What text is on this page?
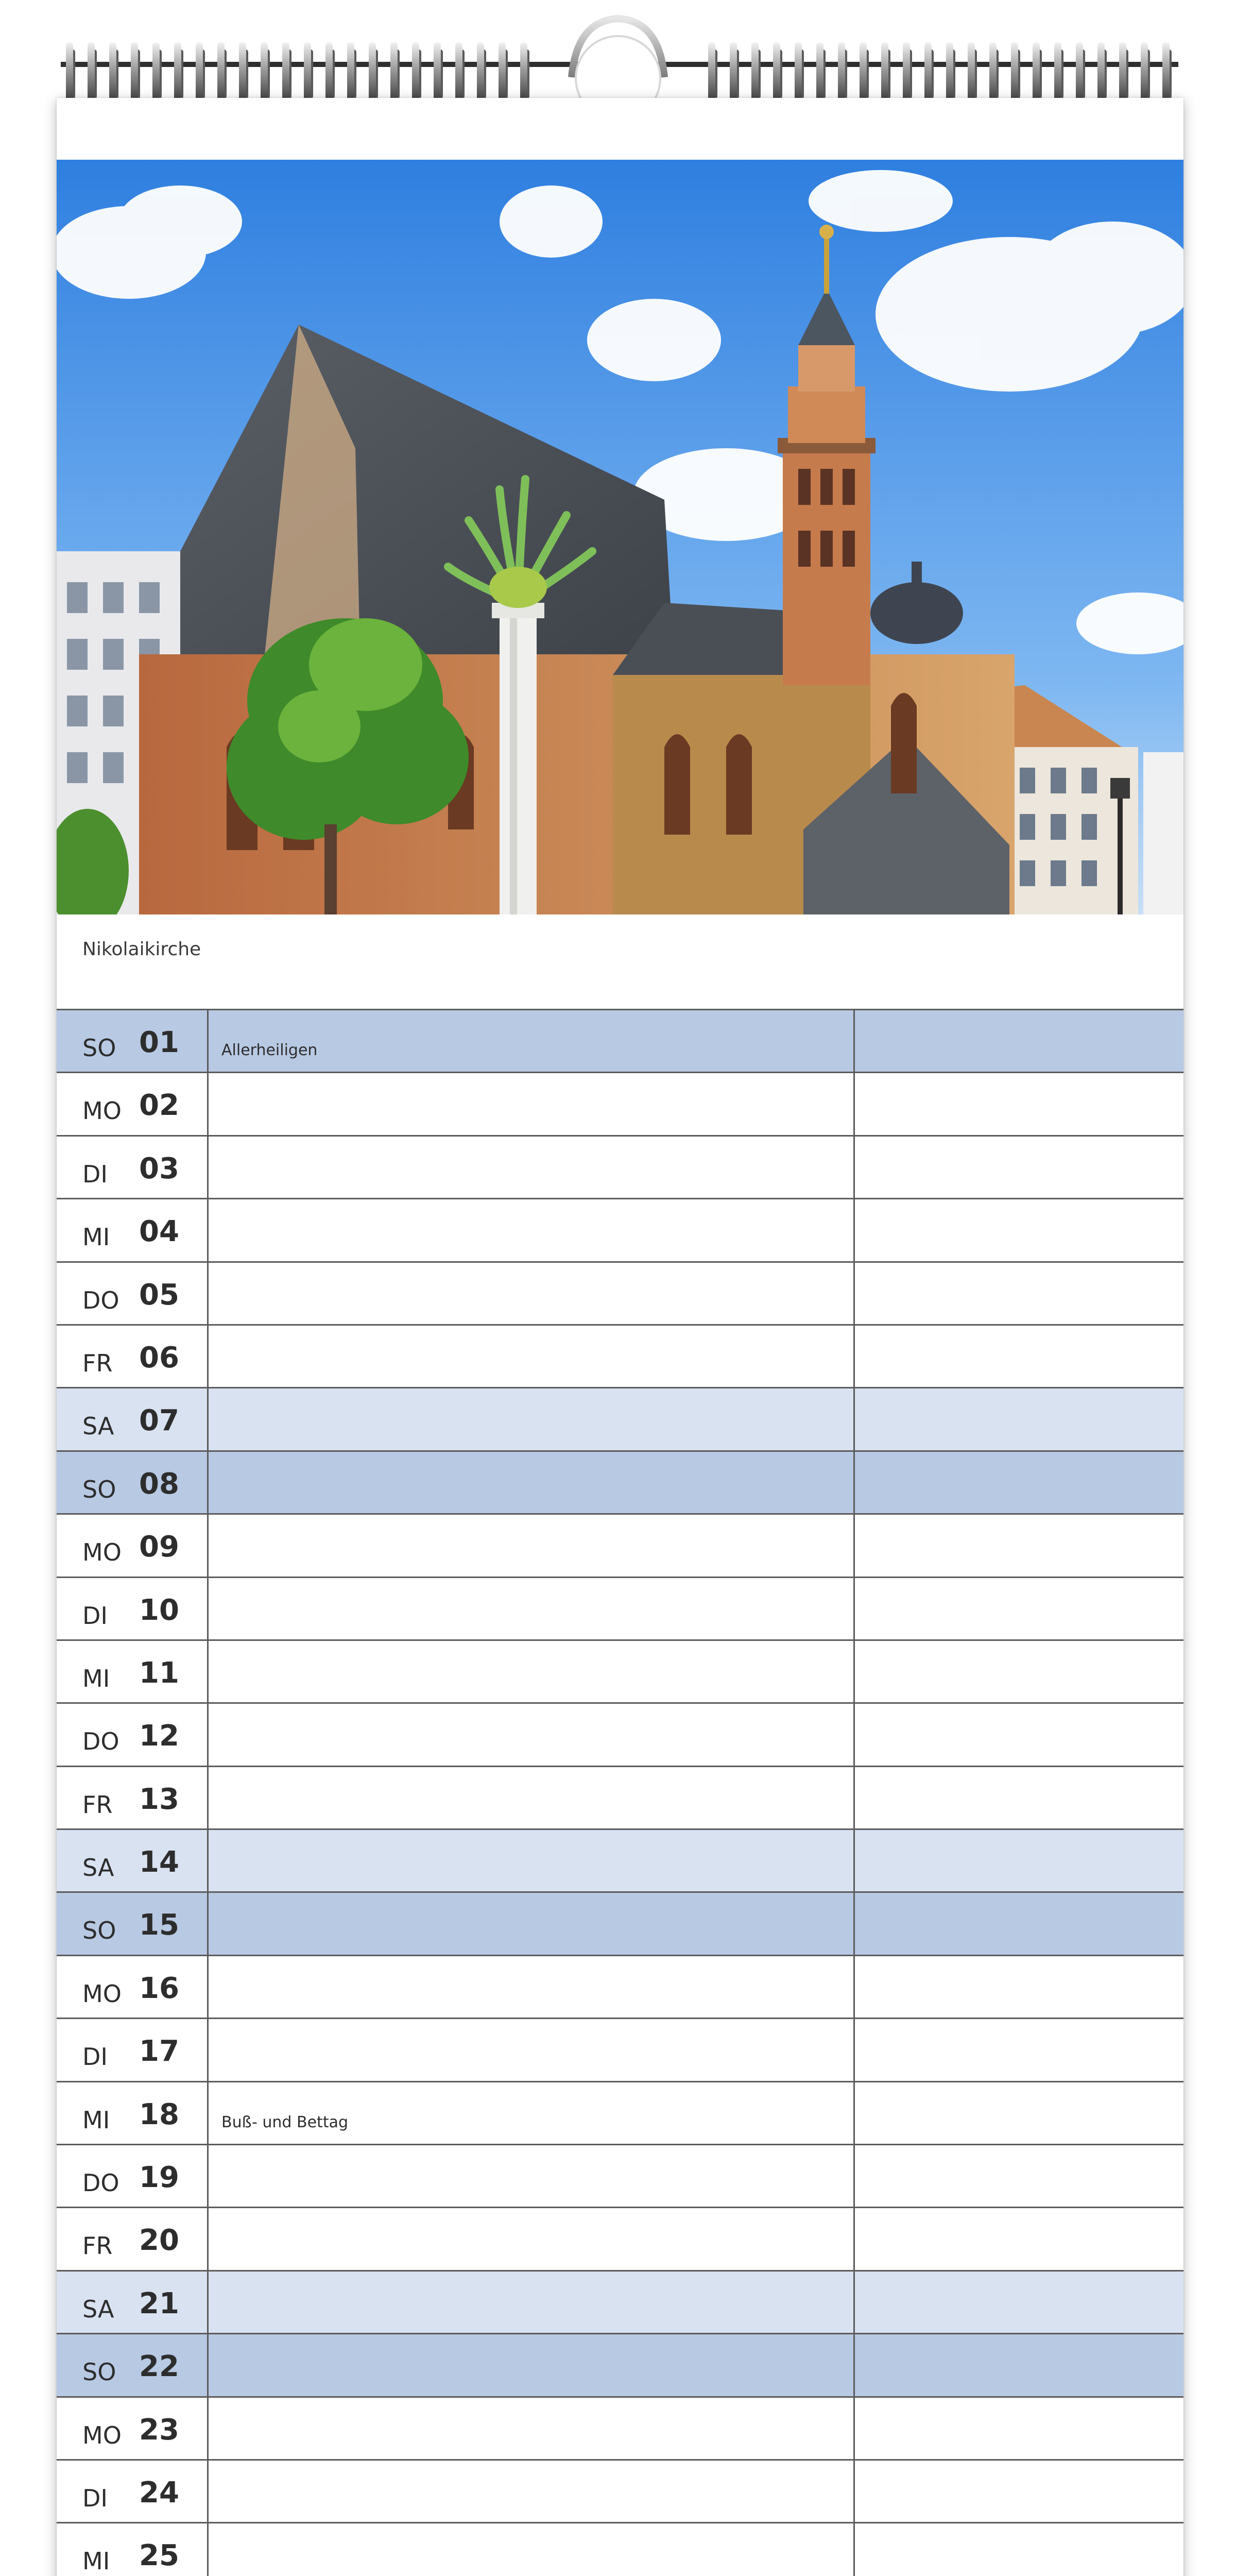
Nikolaikirche
SO 01	Allerheiligen
MO 02
DI 03
MI 04
DO 05
FR 06
SA 07
SO 08
MO 09
DI 10
MI 11
DO 12
FR 13
SA 14
SO 15
MO 16
DI 17
MI 18	Buß- und Bettag
DO 19
FR 20
SA 21
SO 22
MO 23
DI 24
MI 25
